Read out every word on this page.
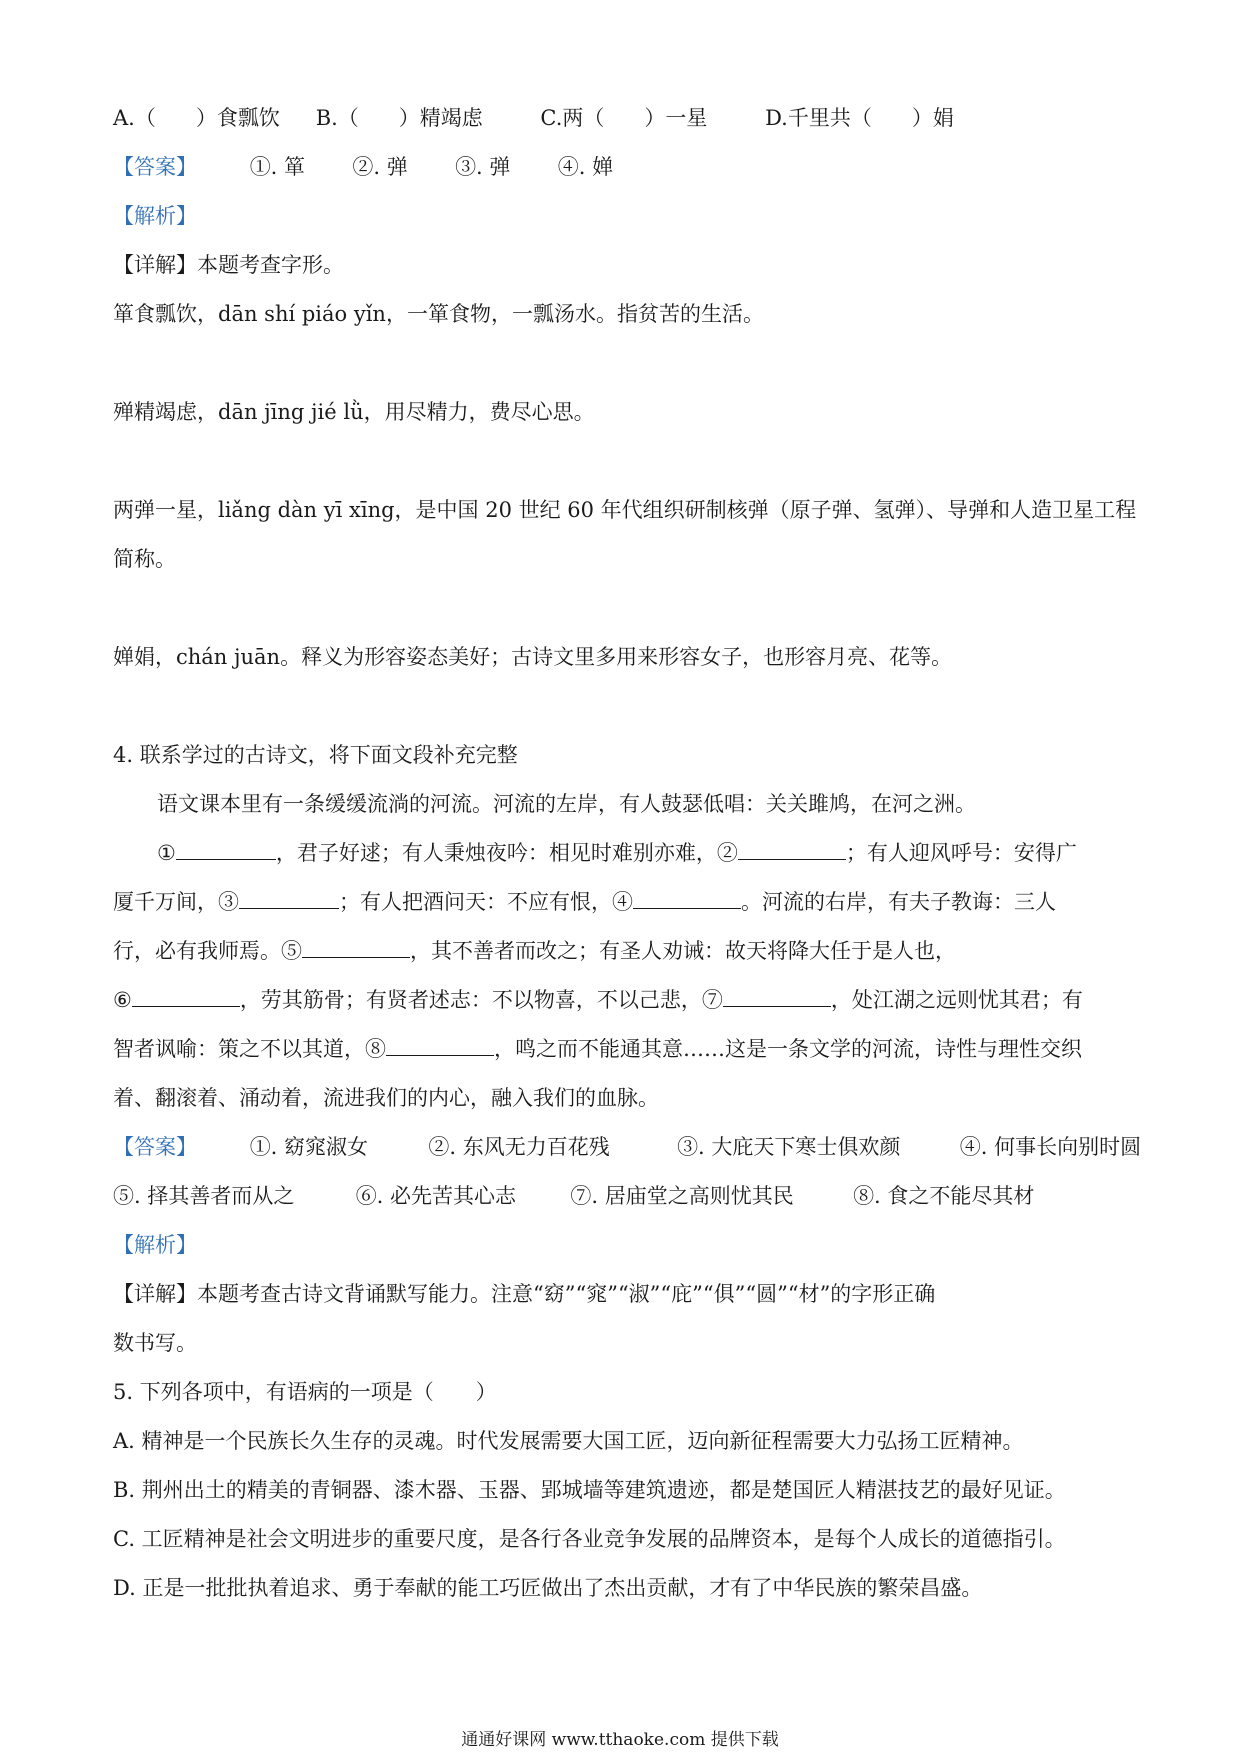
A.（ ）食瓢饮 B.（ ）精竭虑	C.两（ ）一星	D.千里共（ ）娟
【答案】	①. 箪 ②. 弹 ③. 弹 ④. 婵
【解析】
【详解】本题考查字形。
箪食瓢饮，dān shí piáo yǐn，一箪食物，一瓢汤水。指贫苦的生活。
殚精竭虑，dān jīng jié lǜ，用尽精力，费尽心思。
两弹一星，liǎng dàn yī xīng，是中国 20 世纪 60 年代组织研制核弹（原子弹、氢弹）、导弹和人造卫星工程
简称。
婵娟，chán juān。释义为形容姿态美好；古诗文里多用来形容女子，也形容月亮、花等。
4. 联系学过的古诗文，将下面文段补充完整
语文课本里有一条缓缓流淌的河流。河流的左岸，有人鼓瑟低唱：关关雎鸠，在河之洲。
①	，君子好逑；有人秉烛夜吟：相见时难别亦难，②	；有人迎风呼号：安得广
厦千万间，③	；有人把酒问天：不应有恨，④	。河流的右岸，有夫子教诲：三人
行，必有我师焉。⑤	，其不善者而改之；有圣人劝诫：故天将降大任于是人也，
⑥	，劳其筋骨；有贤者述志：不以物喜，不以己悲，⑦	，处江湖之远则忧其君；有
智者讽喻：策之不以其道，⑧	，鸣之而不能通其意……这是一条文学的河流，诗性与理性交织
着、翻滚着、涌动着，流进我们的内心，融入我们的血脉。
【答案】	①. 窈窕淑女	②. 东风无力百花残	③. 大庇天下寒士俱欢颜	④. 何事长向别时圆
⑤. 择其善者而从之	⑥. 必先苦其心志	⑦. 居庙堂之高则忧其民	⑧. 食之不能尽其材
【解析】
【详解】本题考查古诗文背诵默写能力。注意“窈”“窕”“淑”“庇”“俱”“圆”“材”的字形正确
数书写。
5. 下列各项中，有语病的一项是（　　）
A. 精神是一个民族长久生存的灵魂。时代发展需要大国工匠，迈向新征程需要大力弘扬工匠精神。
B. 荆州出土的精美的青铜器、漆木器、玉器、郢城墙等建筑遗迹，都是楚国匠人精湛技艺的最好见证。
C. 工匠精神是社会文明进步的重要尺度，是各行各业竞争发展的品牌资本，是每个人成长的道德指引。
D. 正是一批批执着追求、勇于奉献的能工巧匠做出了杰出贡献，才有了中华民族的繁荣昌盛。
通通好课网 www.tthaoke.com 提供下载
